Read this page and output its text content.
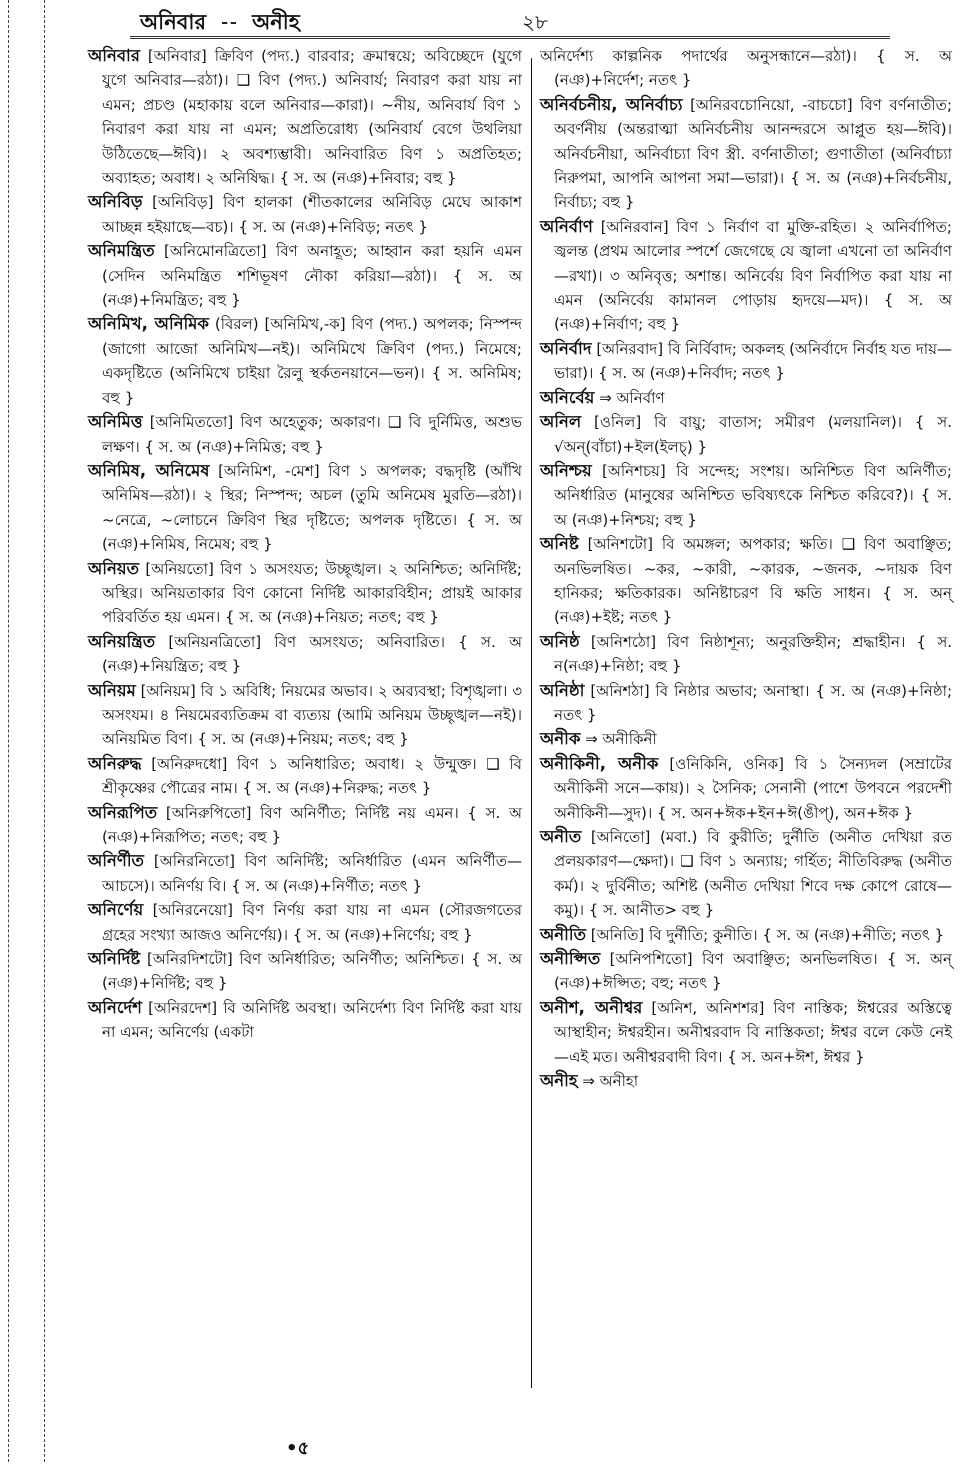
অনিবার অনীহ	২৮

অনিবার [অনিবার] ক্রিবিণ (পদ্য.) বারবার; ক্রমান্বয়ে; অবিচ্ছেদে (যুগে যুগে অনিবার—রঠা)। ❑ বিণ (পদ্য.) অনিবার্য; নিবারণ করা যায় না এমন; প্রচণ্ড (মহাকায় বলে অনিবার—কারা)। ~নীয়, অনিবার্য বিণ ১ নিবারণ করা যায় না এমন; অপ্রতিরোধ্য (অনিবার্য বেগে উথলিয়া উঠিতেছে—ঈবি)। ২ অবশ্যম্ভাবী। অনিবারিত বিণ ১ অপ্রতিহত; অব্যাহত; অবাধ। ২ অনিষিদ্ধ। { স. অ (নঞ)+নিবার; বহু }

অনিবিড় [অনিবিড়] বিণ হালকা (শীতকালের অনিবিড় মেঘে আকাশ আচ্ছন্ন হইয়াছে—বচ)। { স. অ (নঞ)+নিবিড়; নতৎ }

অনিমন্ত্রিত [অনিমোনত্রিতো] বিণ অনাহূত; আহ্বান করা হয়নি এমন (সেদিন অনিমন্ত্রিত শশিভূষণ নৌকা করিয়া—রঠা)। { স. অ (নঞ)+নিমন্ত্রিত; বহু }

অনিমিখ, অনিমিক (বিরল) [অনিমিখ,-ক] বিণ (পদ্য.) অপলক; নিস্পন্দ (জাগো আজো অনিমিখ—নই)। অনিমিখে ক্রিবিণ (পদ্য.) নিমেষে; একদৃষ্টিতে (অনিমিখে চাইয়া রৈলু স্থৰ্কতনয়ানে—ভন)। { স. অনিমিষ; বহু }

অনিমিত্ত [অনিমিততো] বিণ অহেতুক; অকারণ। ❑ বি দুর্নিমিত্ত, অশুভ লক্ষণ। { স. অ (নঞ)+নিমিত্ত; বহু }

অনিমিষ, অনিমেষ [অনিমিশ, -মেশ] বিণ ১ অপলক; বদ্ধদৃষ্টি (আঁখি অনিমিষ—রঠা)। ২ স্থির; নিস্পন্দ; অচল (তুমি অনিমেষ মুরতি—রঠা)। ~নেত্রে, ~লোচনে ক্রিবিণ স্থির দৃষ্টিতে; অপলক দৃষ্টিতে। { স. অ (নঞ)+নিমিষ, নিমেষ; বহু }

অনিয়ত [অনিয়তো] বিণ ১ অসংযত; উচ্ছৃঙ্খল। ২ অনিশ্চিত; অনির্দিষ্ট; অস্থির। অনিয়তাকার বিণ কোনো নির্দিষ্ট আকারবিহীন; প্রায়ই আকার পরিবর্তিত হয় এমন। { স. অ (নঞ)+নিয়ত; নতৎ; বহু }

অনিয়ন্ত্রিত [অনিয়নত্রিতো] বিণ অসংযত; অনিবারিত। { স. অ (নঞ)+নিয়ন্ত্রিত; বহু }

অনিয়ম [অনিয়ম] বি ১ অবিধি; নিয়মের অভাব। ২ অব্যবস্থা; বিশৃঙ্খলা। ৩ অসংযম। ৪ নিয়মেরব্যতিক্রম বা ব্যত্যয় (আমি অনিয়ম উচ্ছৃঙ্খল—নই)। অনিয়মিত বিণ। { স. অ (নঞ)+নিয়ম; নতৎ; বহু }

অনিরুদ্ধ [অনিরুদধো] বিণ ১ অনিধারিত; অবাধ। ২ উন্মুক্ত। ❑ বি শ্রীকৃষ্ণের পৌত্রের নাম। { স. অ (নঞ)+নিরুদ্ধ; নতৎ }

অনিরূপিত [অনিরুপিতো] বিণ অনির্ণীত; নির্দিষ্ট নয় এমন। { স. অ (নঞ)+নিরূপিত; নতৎ; বহু }

অনির্ণীত [অনিরনিতো] বিণ অনির্দিষ্ট; অনির্ধারিত (এমন অনির্ণীত—আচসে)। অনির্ণয় বি। { স. অ (নঞ)+নির্ণীত; নতৎ }

অনির্ণেয় [অনিরনেয়ো] বিণ নির্ণয় করা যায় না এমন (সৌরজগতের গ্রহের সংখ্যা আজও অনির্ণেয়)। { স. অ (নঞ)+নির্ণেয়; বহু }

অনির্দিষ্ট [অনিরদিশটো] বিণ অনির্ধারিত; অনির্ণীত; অনিশ্চিত। { স. অ (নঞ)+নির্দিষ্ট; বহু }

অনির্দেশ [অনিরদেশ] বি অনির্দিষ্ট অবস্থা। অনির্দেশ্য বিণ নির্দিষ্ট করা যায় না এমন; অনির্ণেয় (একটা

অনির্দেশ্য কাল্পনিক পদার্থের অনুসন্ধানে—রঠা)। { স. অ (নঞ)+নির্দেশ; নতৎ }

অনির্বচনীয়, অনির্বাচ্য [অনিরবচোনিয়ো, -বাচচো] বিণ বর্ণনাতীত; অবর্ণনীয় (অন্তরাত্মা অনির্বচনীয় আনন্দরসে আপ্লুত হয়—ঈবি)। অনির্বচনীয়া, অনির্বাচ্যা বিণ স্ত্রী. বর্ণনাতীতা; গুণাতীতা (অনির্বাচ্যা নিরুপমা, আপনি আপনা সমা—ভারা)। { স. অ (নঞ)+নির্বচনীয়, নির্বাচ্য; বহু }

অনির্বাণ [অনিরবান] বিণ ১ নির্বাণ বা মুক্তি-রহিত। ২ অনির্বাপিত; জ্বলন্ত (প্রথম আলোর স্পর্শে জেগেছে যে জ্বালা এখনো তা অনির্বাণ—রখা)। ৩ অনিবৃত্ত; অশান্ত। অনির্বেয় বিণ নির্বাপিত করা যায় না এমন (অনির্বেয় কামানল পোড়ায় হৃদয়ে—মদ)। { স. অ (নঞ)+নির্বাণ; বহু }

অনির্বাদ [অনিরবাদ] বি নির্বিবাদ; অকলহ (অনির্বাদে নির্বাহ যত দায়—ভারা)। { স. অ (নঞ)+নির্বাদ; নতৎ }

অনির্বেয় ⇒ অনির্বাণ

অনিল [ওনিল] বি বায়ু; বাতাস; সমীরণ (মলয়ানিল)। { স. √অন্(বাঁচা)+ইল(ইলচ্) }

অনিশ্চয় [অনিশচয়] বি সন্দেহ; সংশয়। অনিশ্চিত বিণ অনির্ণীত; অনির্ধারিত (মানুষের অনিশ্চিত ভবিষ্যৎকে নিশ্চিত করিবে?)। { স. অ (নঞ)+নিশ্চয়; বহু }

অনিষ্ট [অনিশটো] বি অমঙ্গল; অপকার; ক্ষতি। ❑ বিণ অবাঞ্ছিত; অনভিলষিত। ~কর, ~কারী, ~কারক, ~জনক, ~দায়ক বিণ হানিকর; ক্ষতিকারক। অনিষ্টাচরণ বি ক্ষতি সাধন। { স. অন্ (নঞ)+ইষ্ট; নতৎ }

অনিষ্ঠ [অনিশঠো] বিণ নিষ্ঠাশূন্য; অনুরক্তিহীন; শ্রদ্ধাহীন। { স. ন(নঞ)+নিষ্ঠা; বহু }

অনিষ্ঠা [অনিশঠা] বি নিষ্ঠার অভাব; অনাস্থা। { স. অ (নঞ)+নিষ্ঠা; নতৎ }

অনীক ⇒ অনীকিনী

অনীকিনী, অনীক [ওনিকিনি, ওনিক] বি ১ সৈন্যদল (সম্রাটের অনীকিনী সনে—কায়)। ২ সৈনিক; সেনানী (পাশে উপবনে পরদেশী অনীকিনী—সুদ)। { স. অন+ঈক+ইন+ঈ(ঙীপ্), অন+ঈক }

অনীত [অনিতো] (মবা.) বি কুরীতি; দুর্নীতি (অনীত দেখিয়া রত প্রলয়কারণ—ক্ষেদা)। ❑ বিণ ১ অন্যায়; গর্হিত; নীতিবিরুদ্ধ (অনীত কর্ম)। ২ দুর্বিনীত; অশিষ্ট (অনীত দেখিয়া শিবে দক্ষ কোপে রোষে—কমু)। { স. আনীত> বহু }

অনীতি [অনিতি] বি দুর্নীতি; কুনীতি। { স. অ (নঞ)+নীতি; নতৎ }

অনীপ্সিত [অনিপশিতো] বিণ অবাঞ্ছিত; অনভিলষিত। { স. অন্ (নঞ)+ঈপ্সিত; বহু; নতৎ }

অনীশ, অনীশ্বর [অনিশ, অনিশশর] বিণ নাস্তিক; ঈশ্বরের অস্তিত্বে আস্থাহীন; ঈশ্বরহীন। অনীশ্বরবাদ বি নাস্তিকতা; ঈশ্বর বলে কেউ নেই—এই মত। অনীশ্বরবাদী বিণ। { স. অন+ঈশ, ঈশ্বর }

অনীহ ⇒ অনীহা

•৫
